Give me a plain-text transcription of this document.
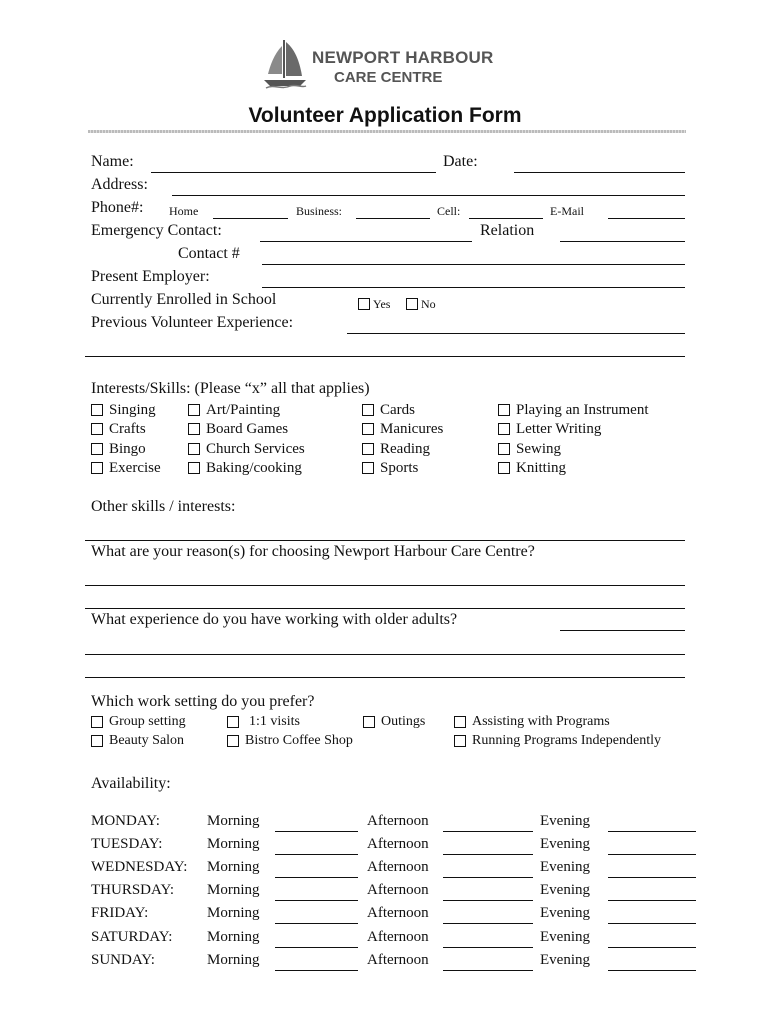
NEWPORT HARBOUR
CARE CENTRE
Volunteer Application Form
Name:	Date:
Address:
Phone#: Home	Business:	Cell:	E-Mail
Emergency Contact:	Relation
Contact #
Present Employer:
Currently Enrolled in School	Yes	No
Previous Volunteer Experience:
Interests/Skills: (Please “x” all that applies)
Singing
Crafts
Bingo
Exercise
Art/Painting
Board Games
Church Services
Baking/cooking
Cards
Manicures
Reading
Sports
Playing an Instrument
Letter Writing
Sewing
Knitting
Other skills / interests:
What are your reason(s) for choosing Newport Harbour Care Centre?
What experience do you have working with older adults?
Which work setting do you prefer?
Group setting	1:1 visits	Outings	Assisting with Programs
Beauty Salon	Bistro Coffee Shop	Running Programs Independently
Availability:
MONDAY:	Morning	Afternoon	Evening
TUESDAY:	Morning	Afternoon	Evening
WEDNESDAY: Morning	Afternoon	Evening
THURSDAY: Morning	Afternoon	Evening
FRIDAY:	Morning	Afternoon	Evening
SATURDAY: Morning	Afternoon	Evening
SUNDAY:	Morning	Afternoon	Evening
